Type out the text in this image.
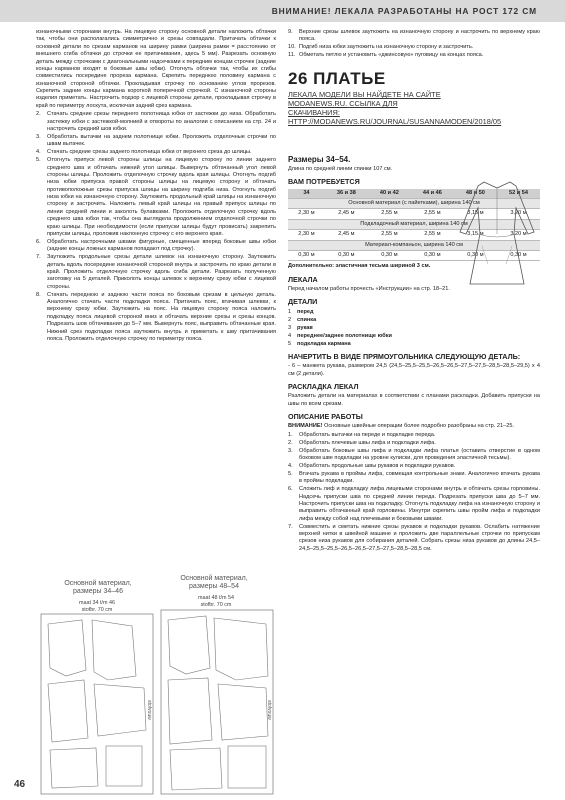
ВНИМАНИЕ! ЛЕКАЛА РАЗРАБОТАНЫ НА РОСТ 172 СМ

изнаночными сторонами внутрь. На лицевую сторону основной детали наложить обтачки так, чтобы они располагались симметрично и срезы совпадали. Притачать обтачки к основной детали по срезам карманов на ширину рамки (ширина рамки = расстоянию от внешнего сгиба обтачки до строчки ее притачивания, здесь 5 мм). Разрезать основную деталь между строчками с диагональными надсечками к передним концам строчек (задние концы карманов входят в боковые швы юбки). Отогнуть обтачки так, чтобы их сгибы совместились посередине прореза кармана. Скрепить переднюю половину кармана с изнаночной стороной обтачки. Прокладывая строчку по основанию углов прорезов. Скрепить задние концы кармана короткой поперечной строчкой. С изнаночной стороны изделия приметать. Настрочить подзор с лицевой стороны детали, прокладывая строчку в край по периметру лоскута, исключая задний срез кармана.

2.	Стачать средние срезы переднего полотнища юбки от застежки до низа. Обработать застежку юбки с застежкой-молнией и отвороты по аналогии с описанием на стр. 24 и настрочить средний шов юбки.
3.	Обработать вытачки на заднем полотнище юбки. Проложить отделочные строчки по швам вытачек.
4.	Стачать средние срезы заднего полотнища юбки от верхнего среза до шлицы.
5.	Отогнуть припуск левой стороны шлицы на лицевую сторону по линии заднего среднего шва и обтачать нижний угол шлицы. Вывернуть обтачанный угол левой стороны шлицы. Проложить отделочную строчку вдоль края шлицы. Отогнуть подгиб низа юбки припуска правой стороны шлицы на лицевую сторону и обтачать противоположные срезы припуска шлицы на ширину подгиба низа. Отогнуть подгиб низа юбки на изнаночную сторону. Заутюжить продольный край шлицы на изнаночную сторону и застрочить. Наложить левый край шлицы на правый припуск шлицы по линии средней линии и заколоть булавками. Проложить отделочную строчку вдоль среднего шва юбки так, чтобы она выглядела продолжением отделочной строчки по краю шлицы. При необходимости (если припуски шлицы будут провисать) закрепить припуски шлицы, проложив наклонную строчку с его верхнего края.
6.	Обработать настрочными швами фигурные, смещенные вперед боковые швы юбки (задние концы ложных карманов попадают под строчку).
7.	Заутюжить продольные срезы детали шлевок на изнаночную сторону. Заутюжить деталь вдоль посередине изнаночной стороной внутрь и застрочить по краю детали в край. Проложить отделочную строчку вдоль сгиба детали. Разрезать полученную заготовку на 5 деталей. Приколоть концы шлевок к верхнему срезу юбки с лицевой стороны.
8.	Стачать переднюю и заднюю части пояса по боковым срезам в цельную деталь. Аналогично стачать части подкладки пояса. Притачать пояс, втачивая шлевки, к верхнему срезу юбки. Заутюжить на пояс. На лицевую сторону пояса наложить подкладку пояса лицевой стороной вниз и обтачать верхние срезы и срезы концов. Подрезать шов обтачивания до 5–7 мм. Вывернуть пояс, выправить обтачанные края. Нижний срез подкладки пояса заутюжить внутрь и приметать к шву притачивания пояса. Проложить отделочную строчку по периметру пояса.
Основной материал,
размеры 34–46
maat 34 t/m 46
stofbr. 70 cm
Основной материал,
размеры 48–54
maat 48 t/m 54
stofbr. 70 cm
stofvouw	stofvouw
9.	Верхние срезы шлевок заутюжить на изнаночную сторону и настрочить по верхнему краю пояса.
10. Подгиб низа юбки заутюжить на изнаночную сторону и застрочить.
11. Обметать петлю и установить «джинсовую» пуговицу на концах пояса.
26 ПЛАТЬЕ
ЛЕКАЛА МОДЕЛИ ВЫ НАЙДЕТЕ НА САЙТЕ MODANEWS.RU. ССЫЛКА ДЛЯ СКАЧИВАНИЯ: HTTP://MODANEWS.RU/JOURNAL/SUSANNAMODEN/2018/05
Размеры 34–54.
Длина по средней линии спинки 107 см.
ВАМ ПОТРЕБУЕТСЯ
34	36 и 38	40 и 42	44 и 46	48 и 50	52 и 54
Основной материал (с пайетками), ширина 140 см					
2,30 м	2,45 м	2,55 м	2,55 м	3,15 м	3,20 м
Подкладочный материал, ширина 140 см					
2,30 м	2,45 м	2,55 м	2,55 м	3,15 м	3,20 м
Материал-компаньон, ширина 140 см					
0,30 м	0,30 м	0,30 м	0,30 м	0,30 м	0,30 м
Дополнительно: эластичная тесьма шириной 3 см.
ЛЕКАЛА

Перед началом работы прочесть «Инструкции» на стр. 18–21.

ДЕТАЛИ
1	перед
2	спинка
3	рукав
4	переднее/заднее полотнище юбки
5	подкладка кармана
НАЧЕРТИТЬ В ВИДЕ ПРЯМОУГОЛЬНИКА СЛЕДУЮЩУЮ ДЕТАЛЬ:

- 6 – манжета рукава, размером 24,5 (24,5–25,5–25,5–26,5–26,5–27,5–27,5–28,5–28,5–29,5) х 4 см (2 детали).

РАСКЛАДКА ЛЕКАЛ

Разложить детали на материалах в соответствии с планами раскладки. Добавить припуски на швы по всем срезам.

ОПИСАНИЕ РАБОТЫ

ВНИМАНИЕ! Основные швейные операции более подробно разобраны на стр. 21–25.

1.	Обработать вытачки на переде и подкладке переда.
2.	Обработать плечевые швы лифа и подкладки лифа.
3.	Обработать боковые швы лифа и подкладки лифа платья (оставить отверстие в одном боковом шве подкладки на уровне кулиски, для проведения эластичной тесьмы).
4.	Обработать продольные швы рукавов и подкладки рукавов.
5.	Втачать рукава в проймы лифа, совмещая контрольные знаки. Аналогично втачать рукава в проймы подкладки.
6.	Сложить лиф и подкладку лифа лицевыми сторонами внутрь и обтачать срезы горловины. Надсечь припуски шва по средней линии переда. Подрезать припуски шва до 5–7 мм. Настрочить припуски шва на подкладку. Отогнуть подкладку лифа на изнаночную сторону и выправить обтачанный край горловины. Изнутри скрепить швы пройм лифа и подкладки лифа между собой над плечевыми и боковыми швами.
7.	Совместить и сметать нижние срезы рукавов и подкладки рукавов. Ослабить натяжение верхней нитки в швейной машине и проложить две параллельные строчки по припускам срезов низа рукавов для собирания деталей. Собрать срезы низа рукавов до длины 24,5–24,5–25,5–25,5–26,5–26,5–27,5–27,5–28,5–28,5 см.
46
